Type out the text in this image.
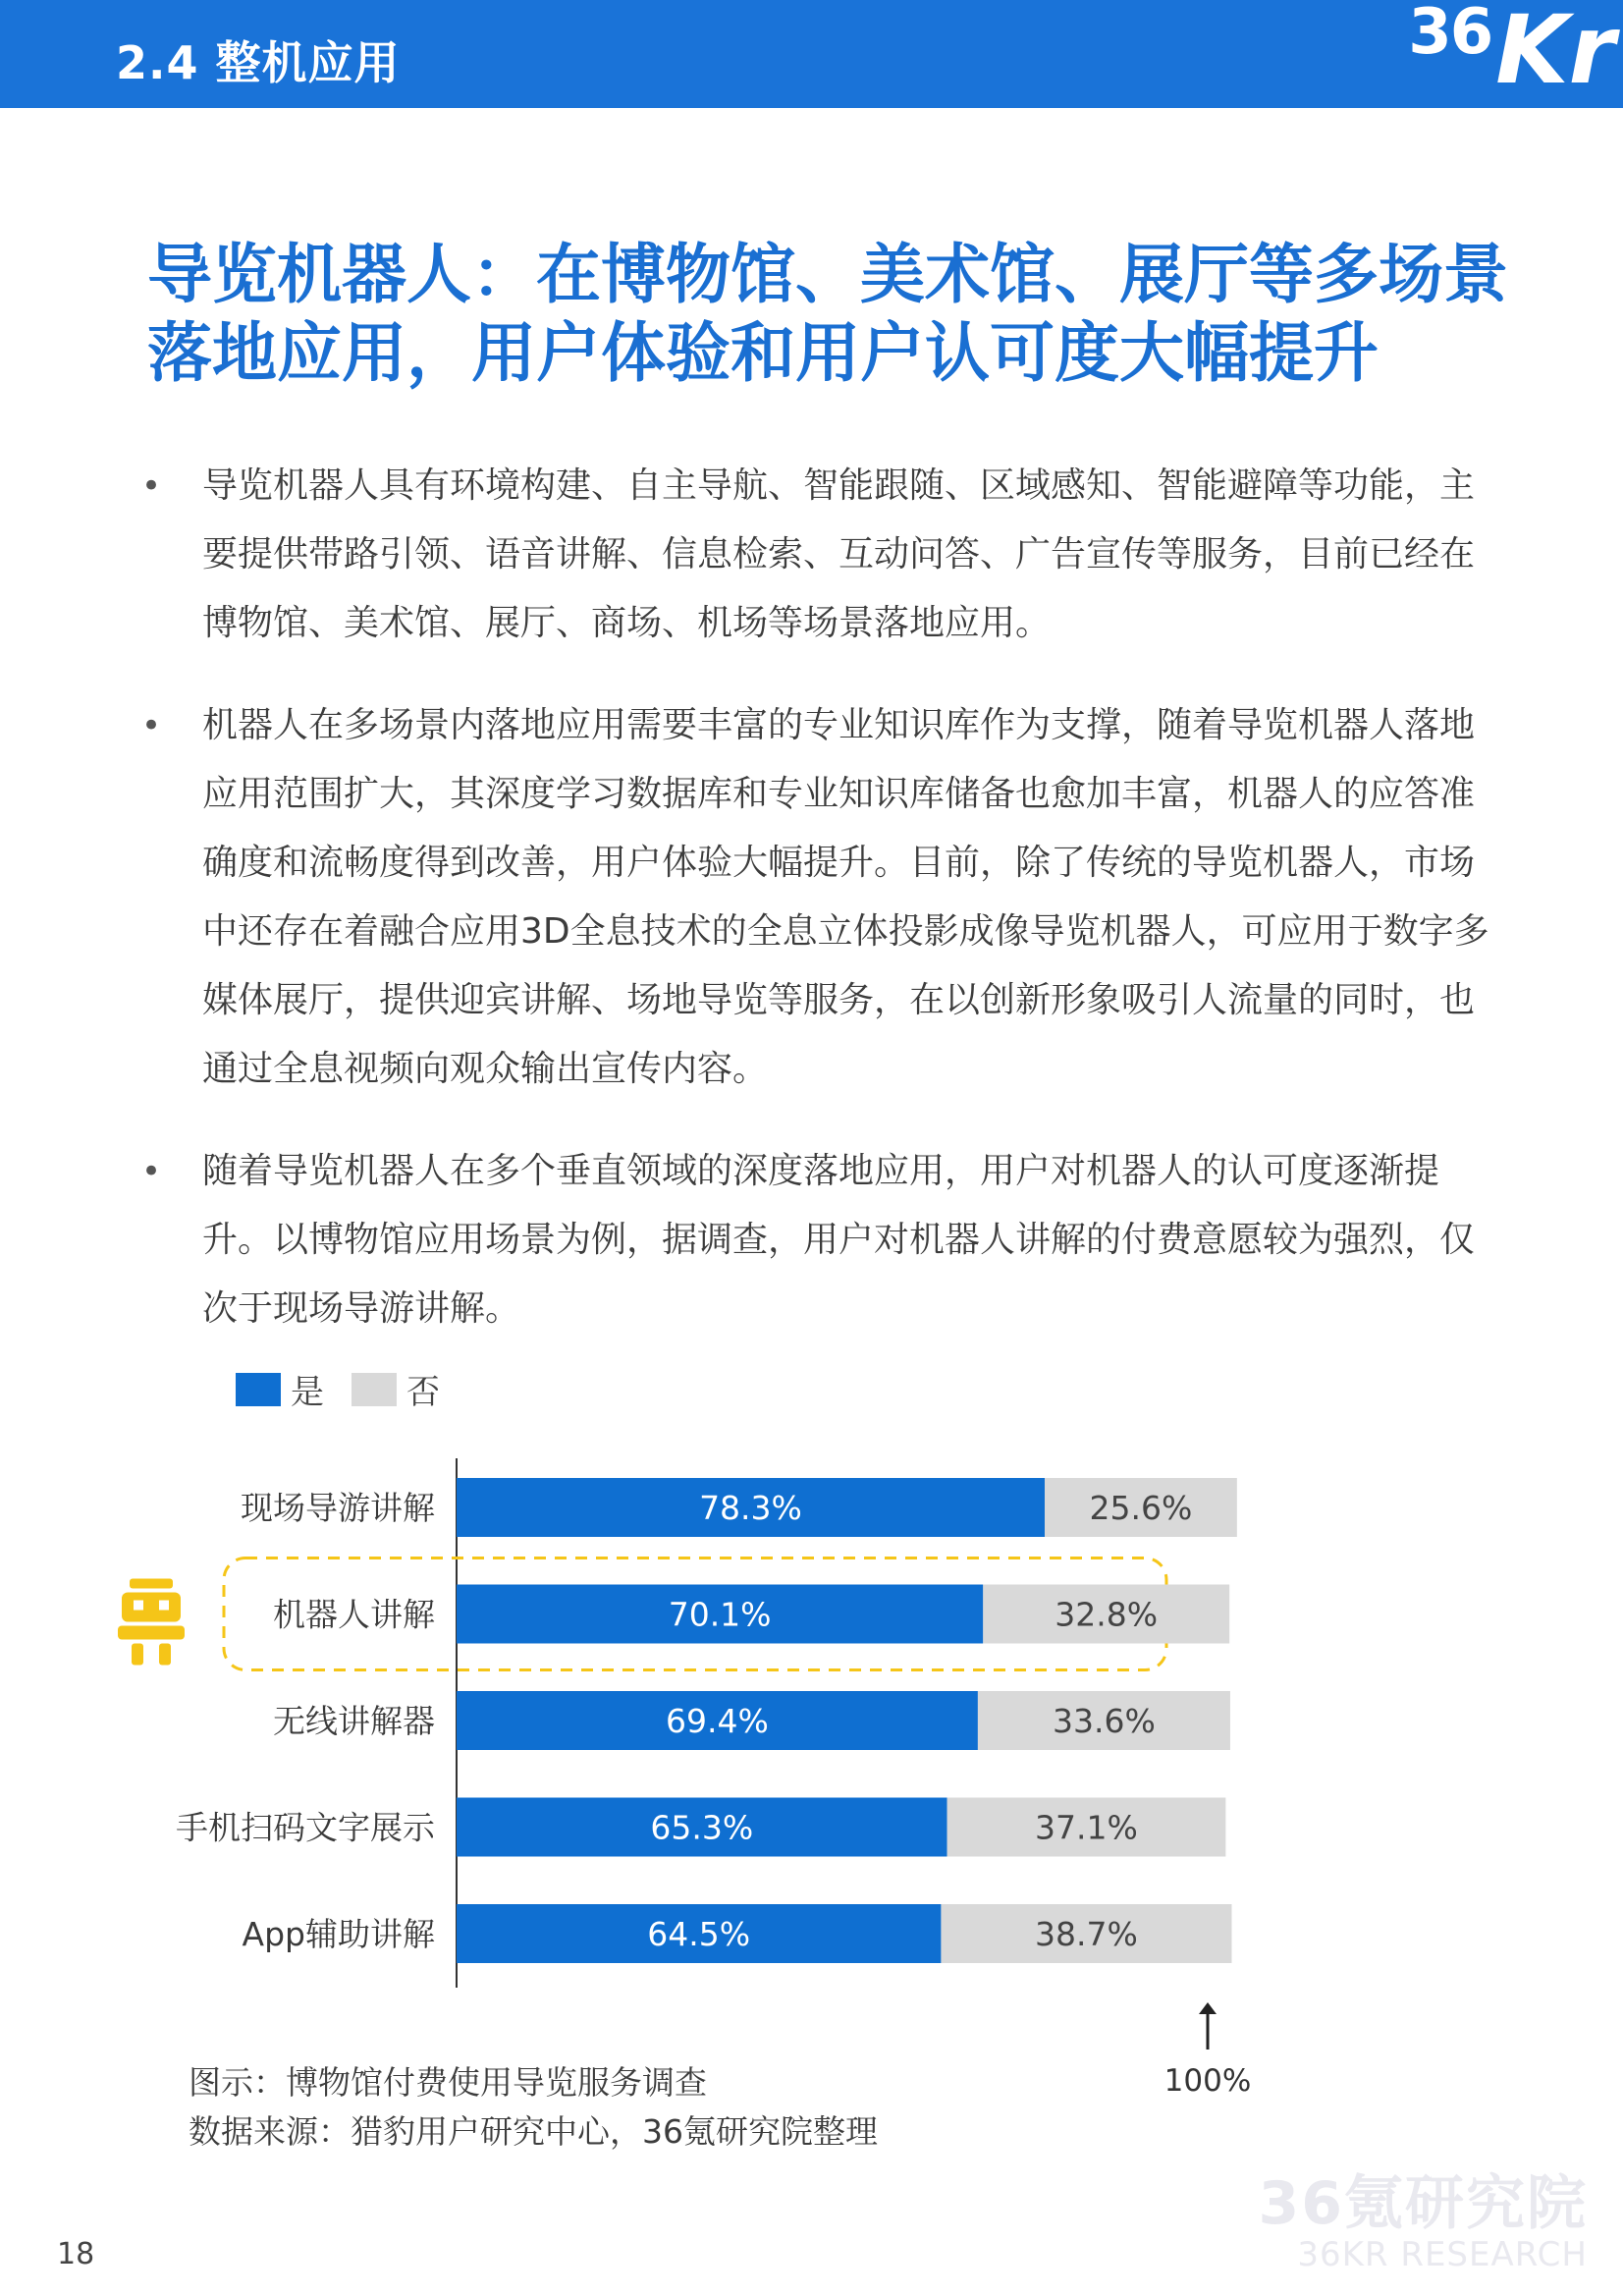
2.4 整机应用	36 Kr
导览机器人：在博物馆、美术馆、展厅等多场景落地应用，用户体验和用户认可度大幅提升
• 导览机器人具有环境构建、自主导航、智能跟随、区域感知、智能避障等功能，主要提供带路引领、语音讲解、信息检索、互动问答、广告宣传等服务，目前已经在博物馆、美术馆、展厅、商场、机场等场景落地应用。
• 机器人在多场景内落地应用需要丰富的专业知识库作为支撑，随着导览机器人落地应用范围扩大，其深度学习数据库和专业知识库储备也愈加丰富，机器人的应答准确度和流畅度得到改善，用户体验大幅提升。目前，除了传统的导览机器人，市场中还存在着融合应用3D全息技术的全息立体投影成像导览机器人，可应用于数字多媒体展厅，提供迎宾讲解、场地导览等服务，在以创新形象吸引人流量的同时，也通过全息视频向观众输出宣传内容。
• 随着导览机器人在多个垂直领域的深度落地应用，用户对机器人的认可度逐渐提升。以博物馆应用场景为例，据调查，用户对机器人讲解的付费意愿较为强烈，仅次于现场导游讲解。
是 否
78.3%	25.6%
现场导游讲解
70.1%	32.8%
机器人讲解
69.4%	33.6%
无线讲解器
65.3%	37.1%
手机扫码文字展示
64.5%	38.7%
App辅助讲解
100%
图示：博物馆付费使用导览服务调查
数据来源：猎豹用户研究中心，36氪研究院整理
36氪研究院
36KR RESEARCH
18
